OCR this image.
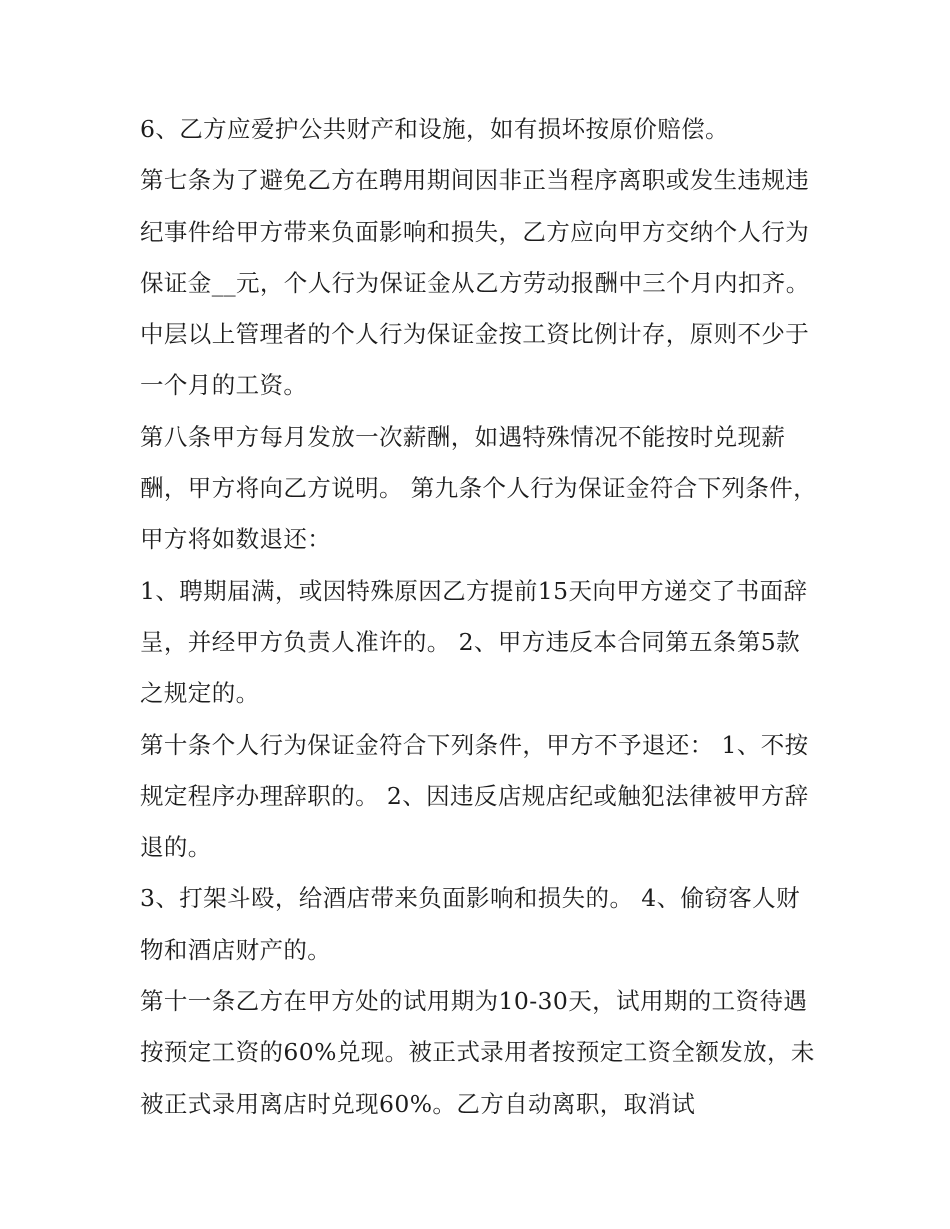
6、乙方应爱护公共财产和设施，如有损坏按原价赔偿。

第七条为了避免乙方在聘用期间因非正当程序离职或发生违规违纪事件给甲方带来负面影响和损失，乙方应向甲方交纳个人行为保证金__元，个人行为保证金从乙方劳动报酬中三个月内扣齐。中层以上管理者的个人行为保证金按工资比例计存，原则不少于一个月的工资。

第八条甲方每月发放一次薪酬，如遇特殊情况不能按时兑现薪酬，甲方将向乙方说明。 第九条个人行为保证金符合下列条件，甲方将如数退还：

1、聘期届满，或因特殊原因乙方提前15天向甲方递交了书面辞呈，并经甲方负责人准许的。 2、甲方违反本合同第五条第5款之规定的。

第十条个人行为保证金符合下列条件，甲方不予退还： 1、不按规定程序办理辞职的。 2、因违反店规店纪或触犯法律被甲方辞退的。

3、打架斗殴，给酒店带来负面影响和损失的。 4、偷窃客人财物和酒店财产的。

第十一条乙方在甲方处的试用期为10-30天，试用期的工资待遇按预定工资的60%兑现。被正式录用者按预定工资全额发放，未被正式录用离店时兑现60%。乙方自动离职，取消试
